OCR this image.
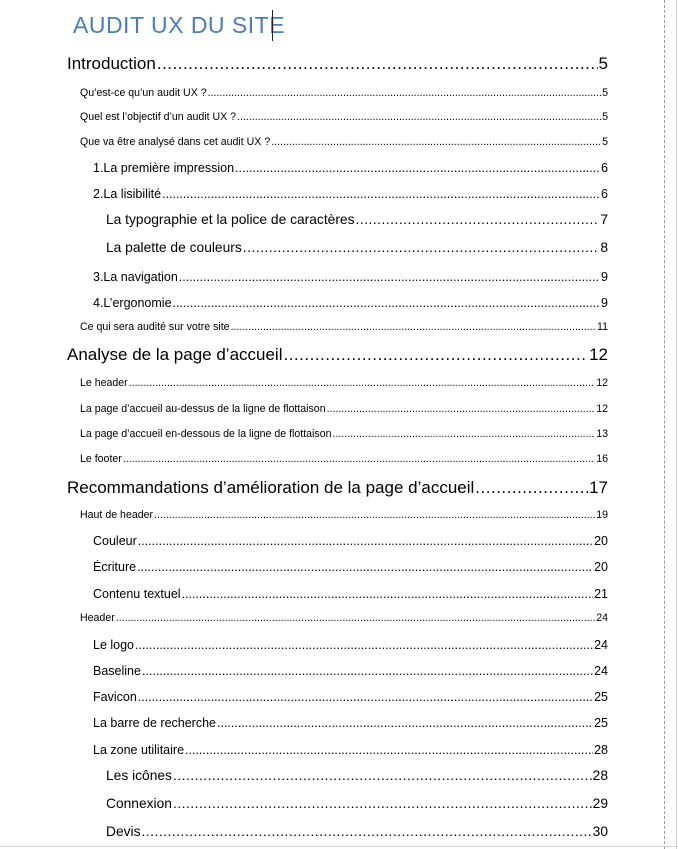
AUDIT UX DU SITE
Introduction .....	5
Qu’est-ce qu’un audit UX ? .....	5
Quel est l’objectif d’un audit UX ? .....	5
Que va être analysé dans cet audit UX ? .....	5
1.La première impression .....	6
2.La lisibilité .....	6
La typographie et la police de caractères .....	7
La palette de couleurs .....	8
3.La navigation .....	9
4.L’ergonomie .....	9
Ce qui sera audité sur votre site .....	11
Analyse de la page d’accueil .....	12
Le header .....	12
La page d’accueil au-dessus de la ligne de flottaison .....	12
La page d’accueil en-dessous de la ligne de flottaison .....	13
Le footer .....	16
Recommandations d’amélioration de la page d’accueil .....	17
Haut de header .....	19
Couleur .....	20
Écriture .....	20
Contenu textuel .....	21
Header .....	24
Le logo .....	24
Baseline .....	24
Favicon .....	25
La barre de recherche .....	25
La zone utilitaire .....	28
Les icônes .....	28
Connexion .....	29
Devis .....	30
